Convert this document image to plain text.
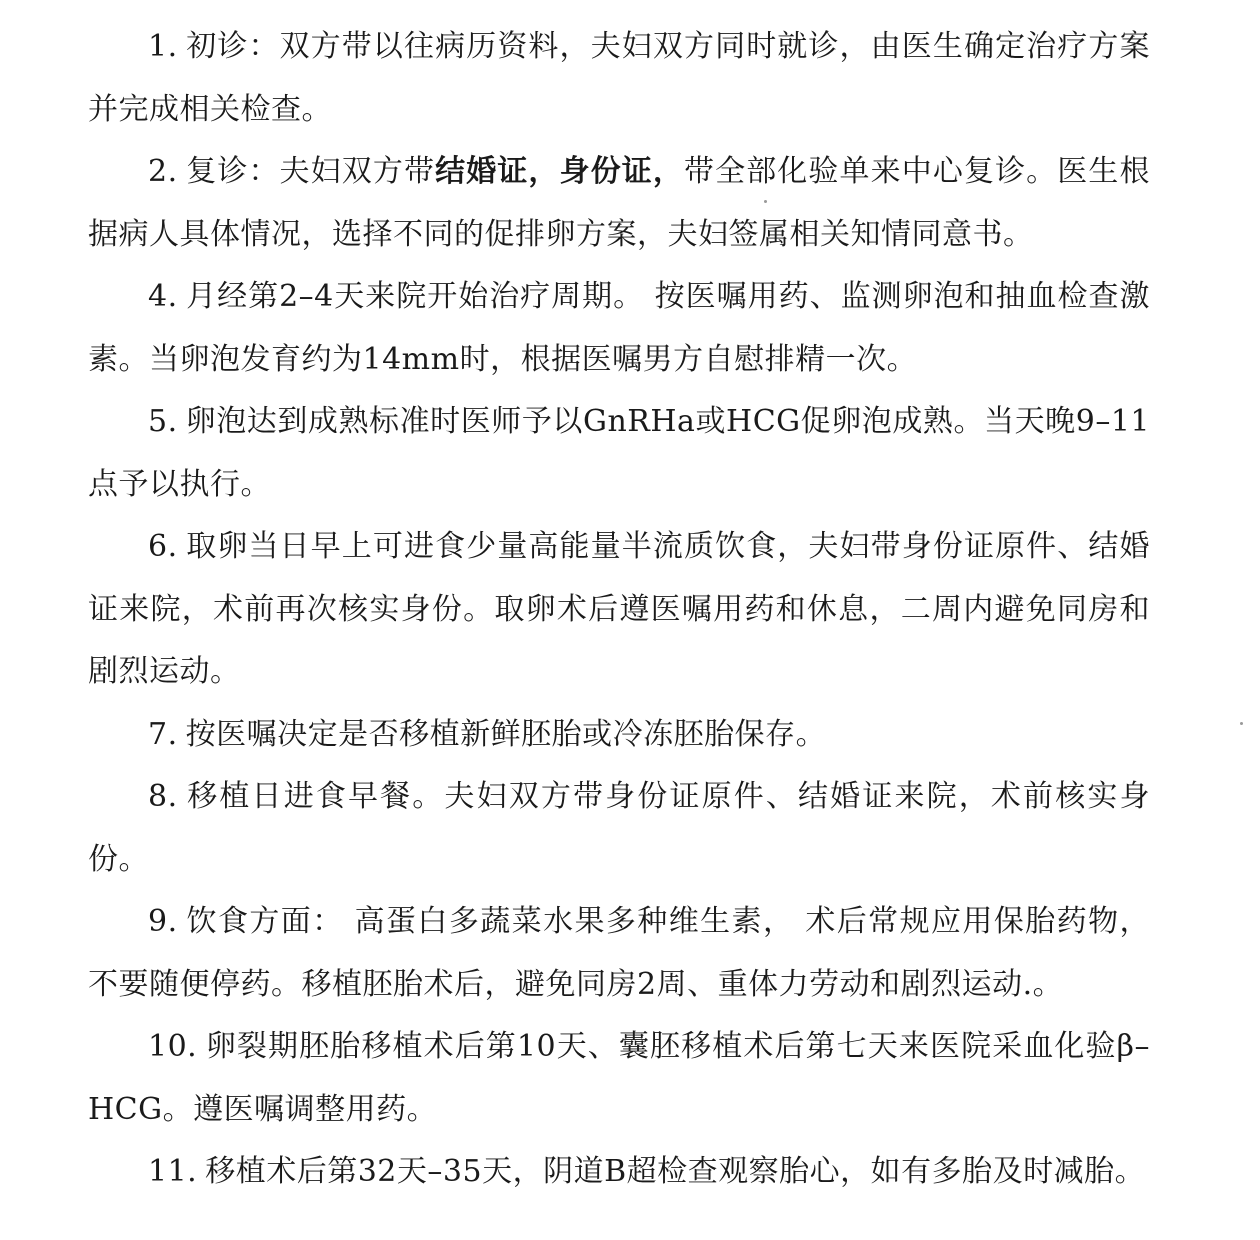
1. 初诊：双方带以往病历资料，夫妇双方同时就诊，由医生确定治疗方案并完成相关检查。

2. 复诊：夫妇双方带结婚证，身份证，带全部化验单来中心复诊。医生根据病人具体情况，选择不同的促排卵方案，夫妇签属相关知情同意书。

4. 月经第2–4天来院开始治疗周期。 按医嘱用药、监测卵泡和抽血检查激素。当卵泡发育约为14mm时，根据医嘱男方自慰排精一次。

5. 卵泡达到成熟标准时医师予以GnRHa或HCG促卵泡成熟。当天晚9–11点予以执行。

6. 取卵当日早上可进食少量高能量半流质饮食，夫妇带身份证原件、结婚证来院，术前再次核实身份。取卵术后遵医嘱用药和休息，二周内避免同房和剧烈运动。

7. 按医嘱决定是否移植新鲜胚胎或冷冻胚胎保存。

8. 移植日进食早餐。夫妇双方带身份证原件、结婚证来院，术前核实身份。

9. 饮食方面： 高蛋白多蔬菜水果多种维生素， 术后常规应用保胎药物，不要随便停药。移植胚胎术后，避免同房2周、重体力劳动和剧烈运动.。

10. 卵裂期胚胎移植术后第10天、囊胚移植术后第七天来医院采血化验β–HCG。遵医嘱调整用药。

11. 移植术后第32天–35天，阴道B超检查观察胎心，如有多胎及时减胎。
